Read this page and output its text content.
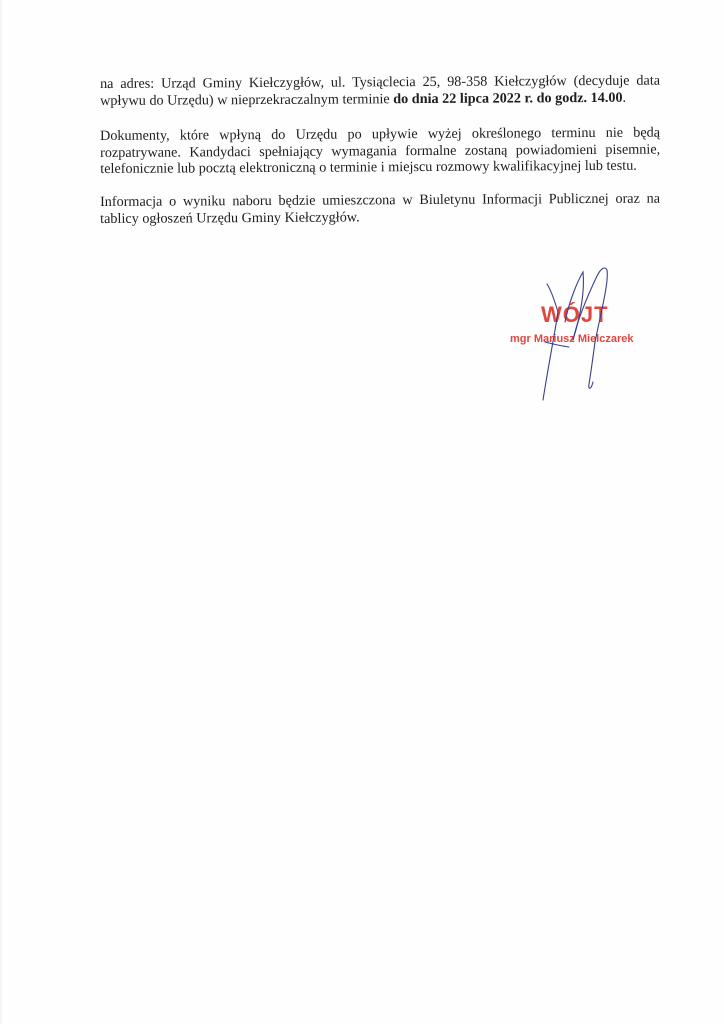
na adres: Urząd Gminy Kiełczygłów, ul. Tysiąclecia 25, 98-358 Kiełczygłów (decyduje data wpływu do Urzędu) w nieprzekraczalnym terminie do dnia 22 lipca 2022 r. do godz. 14.00.

Dokumenty, które wpłyną do Urzędu po upływie wyżej określonego terminu nie będą rozpatrywane. Kandydaci spełniający wymagania formalne zostaną powiadomieni pisemnie, telefonicznie lub pocztą elektroniczną o terminie i miejscu rozmowy kwalifikacyjnej lub testu.

Informacja o wyniku naboru będzie umieszczona w Biuletynu Informacji Publicznej oraz na tablicy ogłoszeń Urzędu Gminy Kiełczygłów.

WÓJT
mgr Mariusz Mielczarek
